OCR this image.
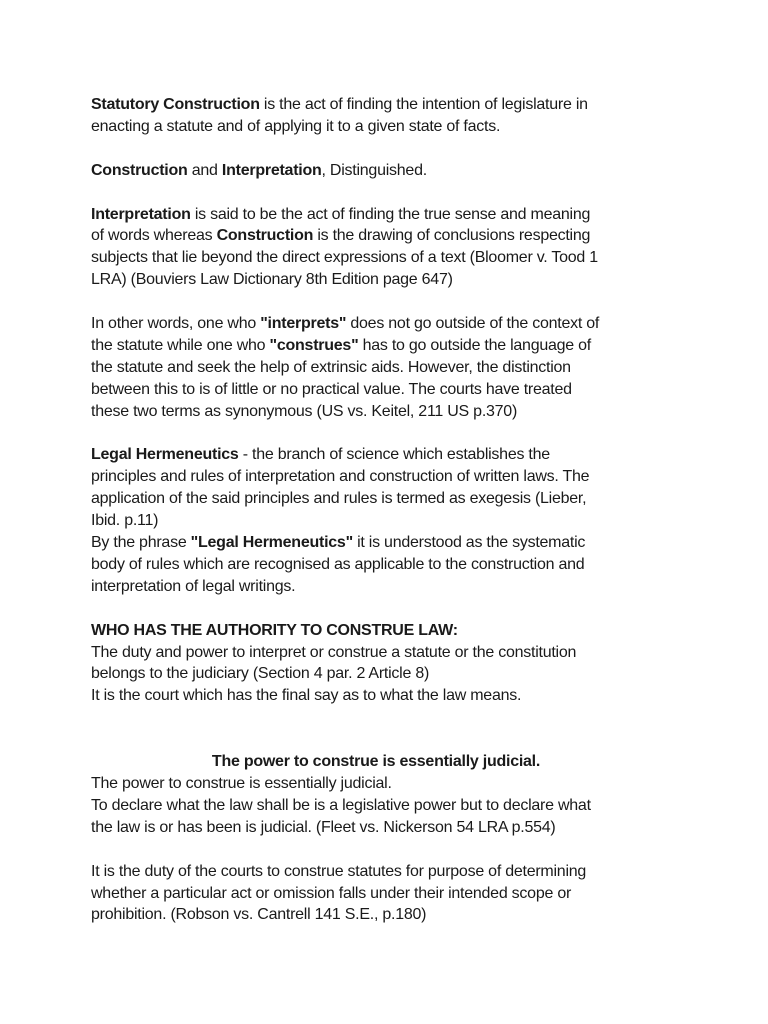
Statutory Construction is the act of finding the intention of legislature in

enacting a statute and of applying it to a given state of facts.

Construction and Interpretation, Distinguished.

Interpretation is said to be the act of finding the true sense and meaning

of words whereas Construction is the drawing of conclusions respecting

subjects that lie beyond the direct expressions of a text (Bloomer v. Tood 1

LRA) (Bouviers Law Dictionary 8th Edition page 647)

In other words, one who "interprets" does not go outside of the context of

the statute while one who "construes" has to go outside the language of

the statute and seek the help of extrinsic aids. However, the distinction

between this to is of little or no practical value. The courts have treated

these two terms as synonymous (US vs. Keitel, 211 US p.370)

Legal Hermeneutics - the branch of science which establishes the

principles and rules of interpretation and construction of written laws. The

application of the said principles and rules is termed as exegesis (Lieber,

Ibid. p.11)

By the phrase "Legal Hermeneutics" it is understood as the systematic

body of rules which are recognised as applicable to the construction and

interpretation of legal writings.

WHO HAS THE AUTHORITY TO CONSTRUE LAW:

The duty and power to interpret or construe a statute or the constitution

belongs to the judiciary (Section 4 par. 2 Article 8)

It is the court which has the final say as to what the law means.

The power to construe is essentially judicial.

The power to construe is essentially judicial.

To declare what the law shall be is a legislative power but to declare what

the law is or has been is judicial. (Fleet vs. Nickerson 54 LRA p.554)

It is the duty of the courts to construe statutes for purpose of determining

whether a particular act or omission falls under their intended scope or

prohibition. (Robson vs. Cantrell 141 S.E., p.180)
